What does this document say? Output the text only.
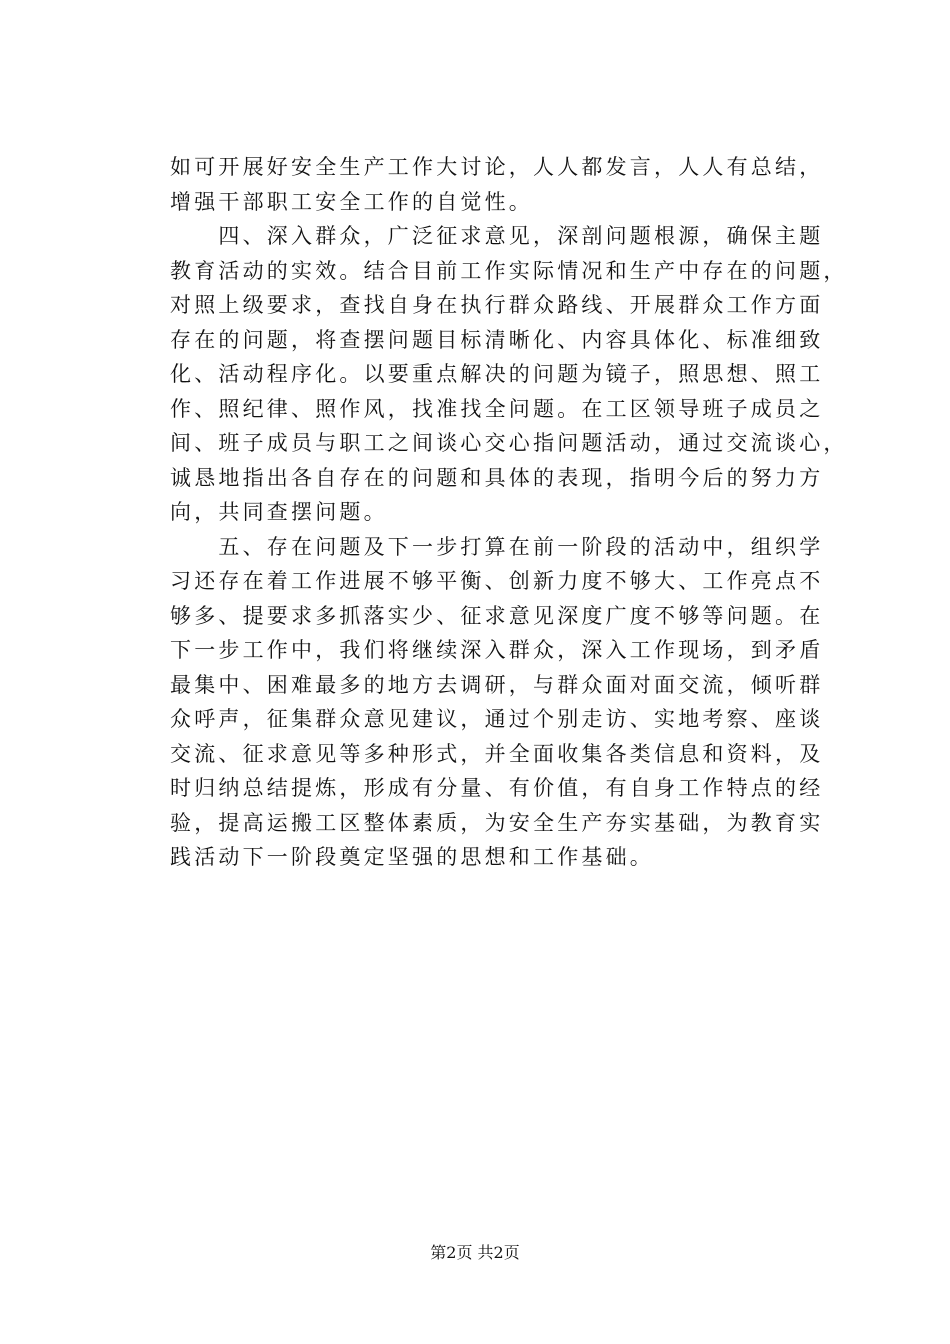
如可开展好安全生产工作大讨论，人人都发言，人人有总结，
增强干部职工安全工作的自觉性。
　　四、深入群众，广泛征求意见，深剖问题根源，确保主题
教育活动的实效。结合目前工作实际情况和生产中存在的问题，
对照上级要求，查找自身在执行群众路线、开展群众工作方面
存在的问题，将查摆问题目标清晰化、内容具体化、标准细致
化、活动程序化。以要重点解决的问题为镜子，照思想、照工
作、照纪律、照作风，找准找全问题。在工区领导班子成员之
间、班子成员与职工之间谈心交心指问题活动，通过交流谈心，
诚恳地指出各自存在的问题和具体的表现，指明今后的努力方
向，共同查摆问题。
　　五、存在问题及下一步打算在前一阶段的活动中，组织学
习还存在着工作进展不够平衡、创新力度不够大、工作亮点不
够多、提要求多抓落实少、征求意见深度广度不够等问题。在
下一步工作中，我们将继续深入群众，深入工作现场，到矛盾
最集中、困难最多的地方去调研，与群众面对面交流，倾听群
众呼声，征集群众意见建议，通过个别走访、实地考察、座谈
交流、征求意见等多种形式，并全面收集各类信息和资料，及
时归纳总结提炼，形成有分量、有价值，有自身工作特点的经
验，提高运搬工区整体素质，为安全生产夯实基础，为教育实
践活动下一阶段奠定坚强的思想和工作基础。
第2页 共2页
